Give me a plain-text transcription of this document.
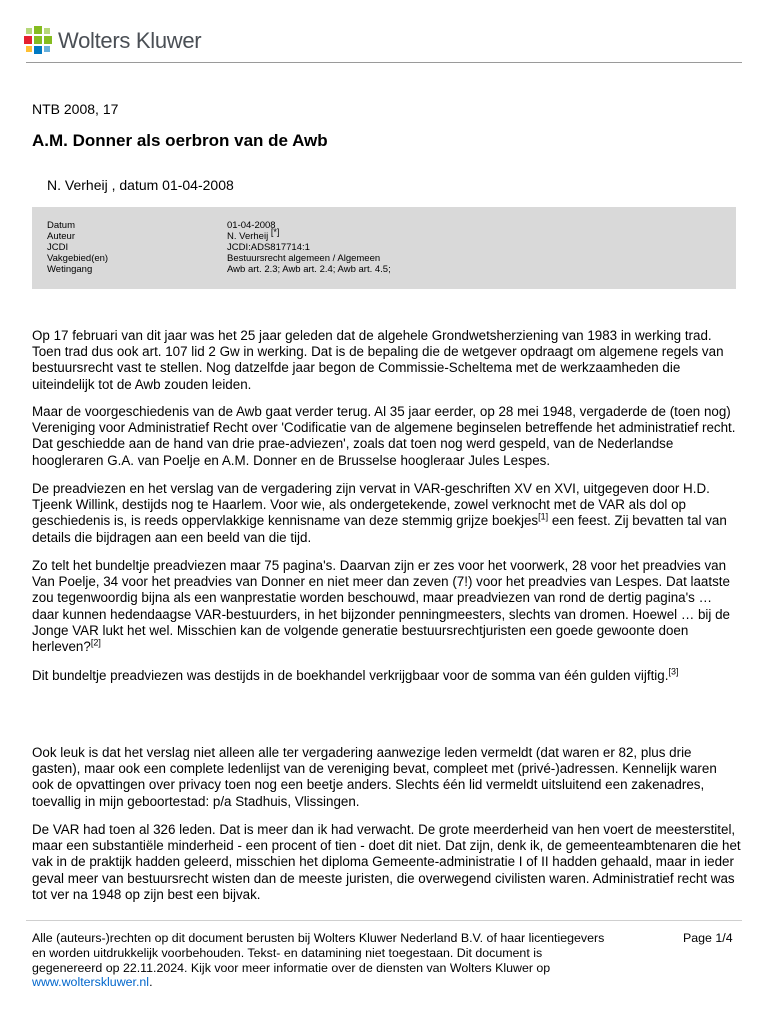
Wolters Kluwer
NTB 2008, 17
A.M. Donner als oerbron van de Awb
N. Verheij , datum 01-04-2008
Datum	01-04-2008
Auteur	N. Verheij [*]
JCDI	JCDI:ADS817714:1
Vakgebied(en)	Bestuursrecht algemeen / Algemeen
Wetingang	Awb art. 2.3; Awb art. 2.4; Awb art. 4.5;

Op 17 februari van dit jaar was het 25 jaar geleden dat de algehele Grondwetsherziening van 1983 in werking trad. Toen trad dus ook art. 107 lid 2 Gw in werking. Dat is de bepaling die de wetgever opdraagt om algemene regels van bestuursrecht vast te stellen. Nog datzelfde jaar begon de Commissie-Scheltema met de werkzaamheden die uiteindelijk tot de Awb zouden leiden.

Maar de voorgeschiedenis van de Awb gaat verder terug. Al 35 jaar eerder, op 28 mei 1948, vergaderde de (toen nog) Vereniging voor Administratief Recht over 'Codificatie van de algemene beginselen betreffende het administratief recht. Dat geschiedde aan de hand van drie prae-adviezen', zoals dat toen nog werd gespeld, van de Nederlandse hoogleraren G.A. van Poelje en A.M. Donner en de Brusselse hoogleraar Jules Lespes.

De preadviezen en het verslag van de vergadering zijn vervat in VAR-geschriften XV en XVI, uitgegeven door H.D. Tjeenk Willink, destijds nog te Haarlem. Voor wie, als ondergetekende, zowel verknocht met de VAR als dol op geschiedenis is, is reeds oppervlakkige kennisname van deze stemmig grijze boekjes[1] een feest. Zij bevatten tal van details die bijdragen aan een beeld van die tijd.

Zo telt het bundeltje preadviezen maar 75 pagina's. Daarvan zijn er zes voor het voorwerk, 28 voor het preadvies van Van Poelje, 34 voor het preadvies van Donner en niet meer dan zeven (7!) voor het preadvies van Lespes. Dat laatste zou tegenwoordig bijna als een wanprestatie worden beschouwd, maar preadviezen van rond de dertig pagina's … daar kunnen hedendaagse VAR-bestuurders, in het bijzonder penningmeesters, slechts van dromen. Hoewel … bij de Jonge VAR lukt het wel. Misschien kan de volgende generatie bestuursrechtjuristen een goede gewoonte doen herleven?[2]

Dit bundeltje preadviezen was destijds in de boekhandel verkrijgbaar voor de somma van één gulden vijftig.[3]

Ook leuk is dat het verslag niet alleen alle ter vergadering aanwezige leden vermeldt (dat waren er 82, plus drie gasten), maar ook een complete ledenlijst van de vereniging bevat, compleet met (privé-)adressen. Kennelijk waren ook de opvattingen over privacy toen nog een beetje anders. Slechts één lid vermeldt uitsluitend een zakenadres, toevallig in mijn geboortestad: p/a Stadhuis, Vlissingen.

De VAR had toen al 326 leden. Dat is meer dan ik had verwacht. De grote meerderheid van hen voert de meesterstitel, maar een substantiële minderheid - een procent of tien - doet dit niet. Dat zijn, denk ik, de gemeenteambtenaren die het vak in de praktijk hadden geleerd, misschien het diploma Gemeente-administratie I of II hadden gehaald, maar in ieder geval meer van bestuursrecht wisten dan de meeste juristen, die overwegend civilisten waren. Administratief recht was tot ver na 1948 op zijn best een bijvak.

Alle (auteurs-)rechten op dit document berusten bij Wolters Kluwer Nederland B.V. of haar licentiegevers en worden uitdrukkelijk voorbehouden. Tekst- en datamining niet toegestaan. Dit document is gegenereerd op 22.11.2024. Kijk voor meer informatie over de diensten van Wolters Kluwer op www.wolterskluwer.nl.
Page 1/4
